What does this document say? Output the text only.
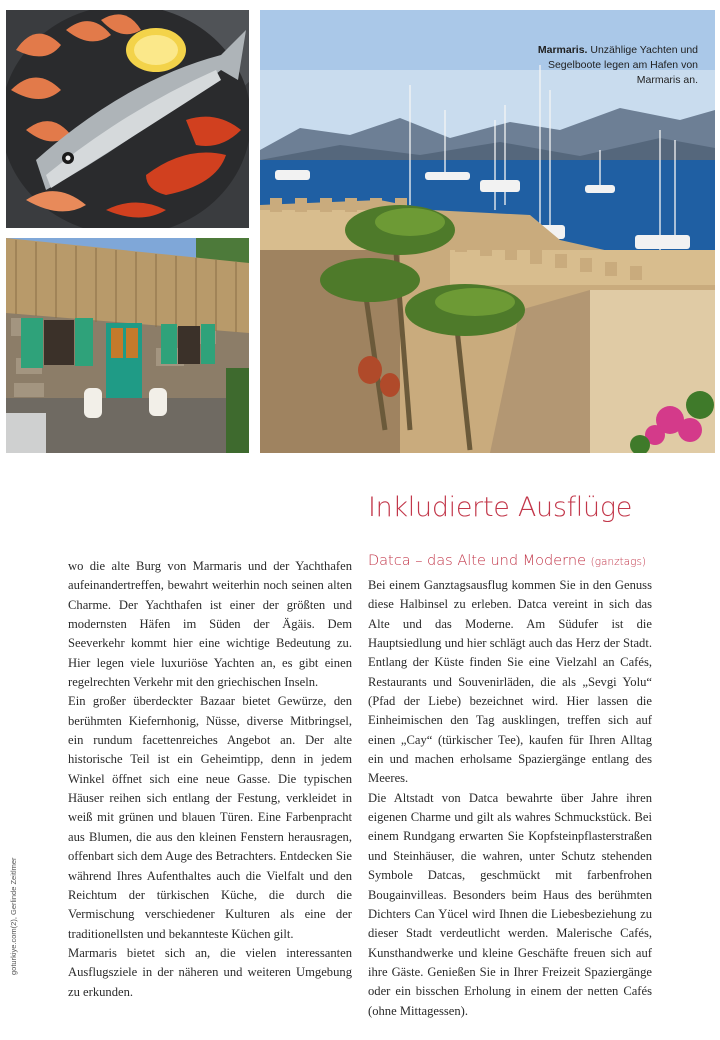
Marmaris. Unzählige Yachten und Segelboote legen am Hafen von Marmaris an.
goturkiye.com(2), Gerlinde Zeitlmer
Inkludierte Ausflüge

wo die alte Burg von Marmaris und der Yachthafen aufeinandertreffen, bewahrt weiterhin noch seinen alten Charme. Der Yachthafen ist einer der größten und modernsten Häfen im Süden der Ägäis. Dem Seeverkehr kommt hier eine wichtige Bedeutung zu. Hier legen viele luxuriöse Yachten an, es gibt einen regelrechten Verkehr mit den griechischen Inseln.

Ein großer überdeckter Bazaar bietet Gewürze, den berühmten Kiefernhonig, Nüsse, diverse Mitbringsel, ein rundum facettenreiches Angebot an. Der alte historische Teil ist ein Geheimtipp, denn in jedem Winkel öffnet sich eine neue Gasse. Die typischen Häuser reihen sich entlang der Festung, verkleidet in weiß mit grünen und blauen Türen. Eine Farbenpracht aus Blumen, die aus den kleinen Fenstern herausragen, offenbart sich dem Auge des Betrachters. Entdecken Sie während Ihres Aufenthaltes auch die Vielfalt und den Reichtum der türkischen Küche, die durch die Vermischung verschiedener Kulturen als eine der traditionellsten und bekannteste Küchen gilt.

Marmaris bietet sich an, die vielen interessanten Ausflugsziele in der näheren und weiteren Umgebung zu erkunden.

Datca – das Alte und Moderne (ganztags)

Bei einem Ganztagsausflug kommen Sie in den Genuss diese Halbinsel zu erleben. Datca vereint in sich das Alte und das Moderne. Am Südufer ist die Hauptsiedlung und hier schlägt auch das Herz der Stadt. Entlang der Küste finden Sie eine Vielzahl an Cafés, Restaurants und Souvenirläden, die als „Sevgi Yolu“ (Pfad der Liebe) bezeichnet wird. Hier lassen die Einheimischen den Tag ausklingen, treffen sich auf einen „Cay“ (türkischer Tee), kaufen für Ihren Alltag ein und machen erholsame Spaziergänge entlang des Meeres.

Die Altstadt von Datca bewahrte über Jahre ihren eigenen Charme und gilt als wahres Schmuckstück. Bei einem Rundgang erwarten Sie Kopfsteinpflasterstraßen und Steinhäuser, die wahren, unter Schutz stehenden Symbole Datcas, geschmückt mit farbenfrohen Bougainvilleas. Besonders beim Haus des berühmten Dichters Can Yücel wird Ihnen die Liebesbeziehung zu dieser Stadt verdeutlicht werden. Malerische Cafés, Kunsthandwerke und kleine Geschäfte freuen sich auf ihre Gäste. Genießen Sie in Ihrer Freizeit Spaziergänge oder ein bisschen Erholung in einem der netten Cafés (ohne Mittagessen).
